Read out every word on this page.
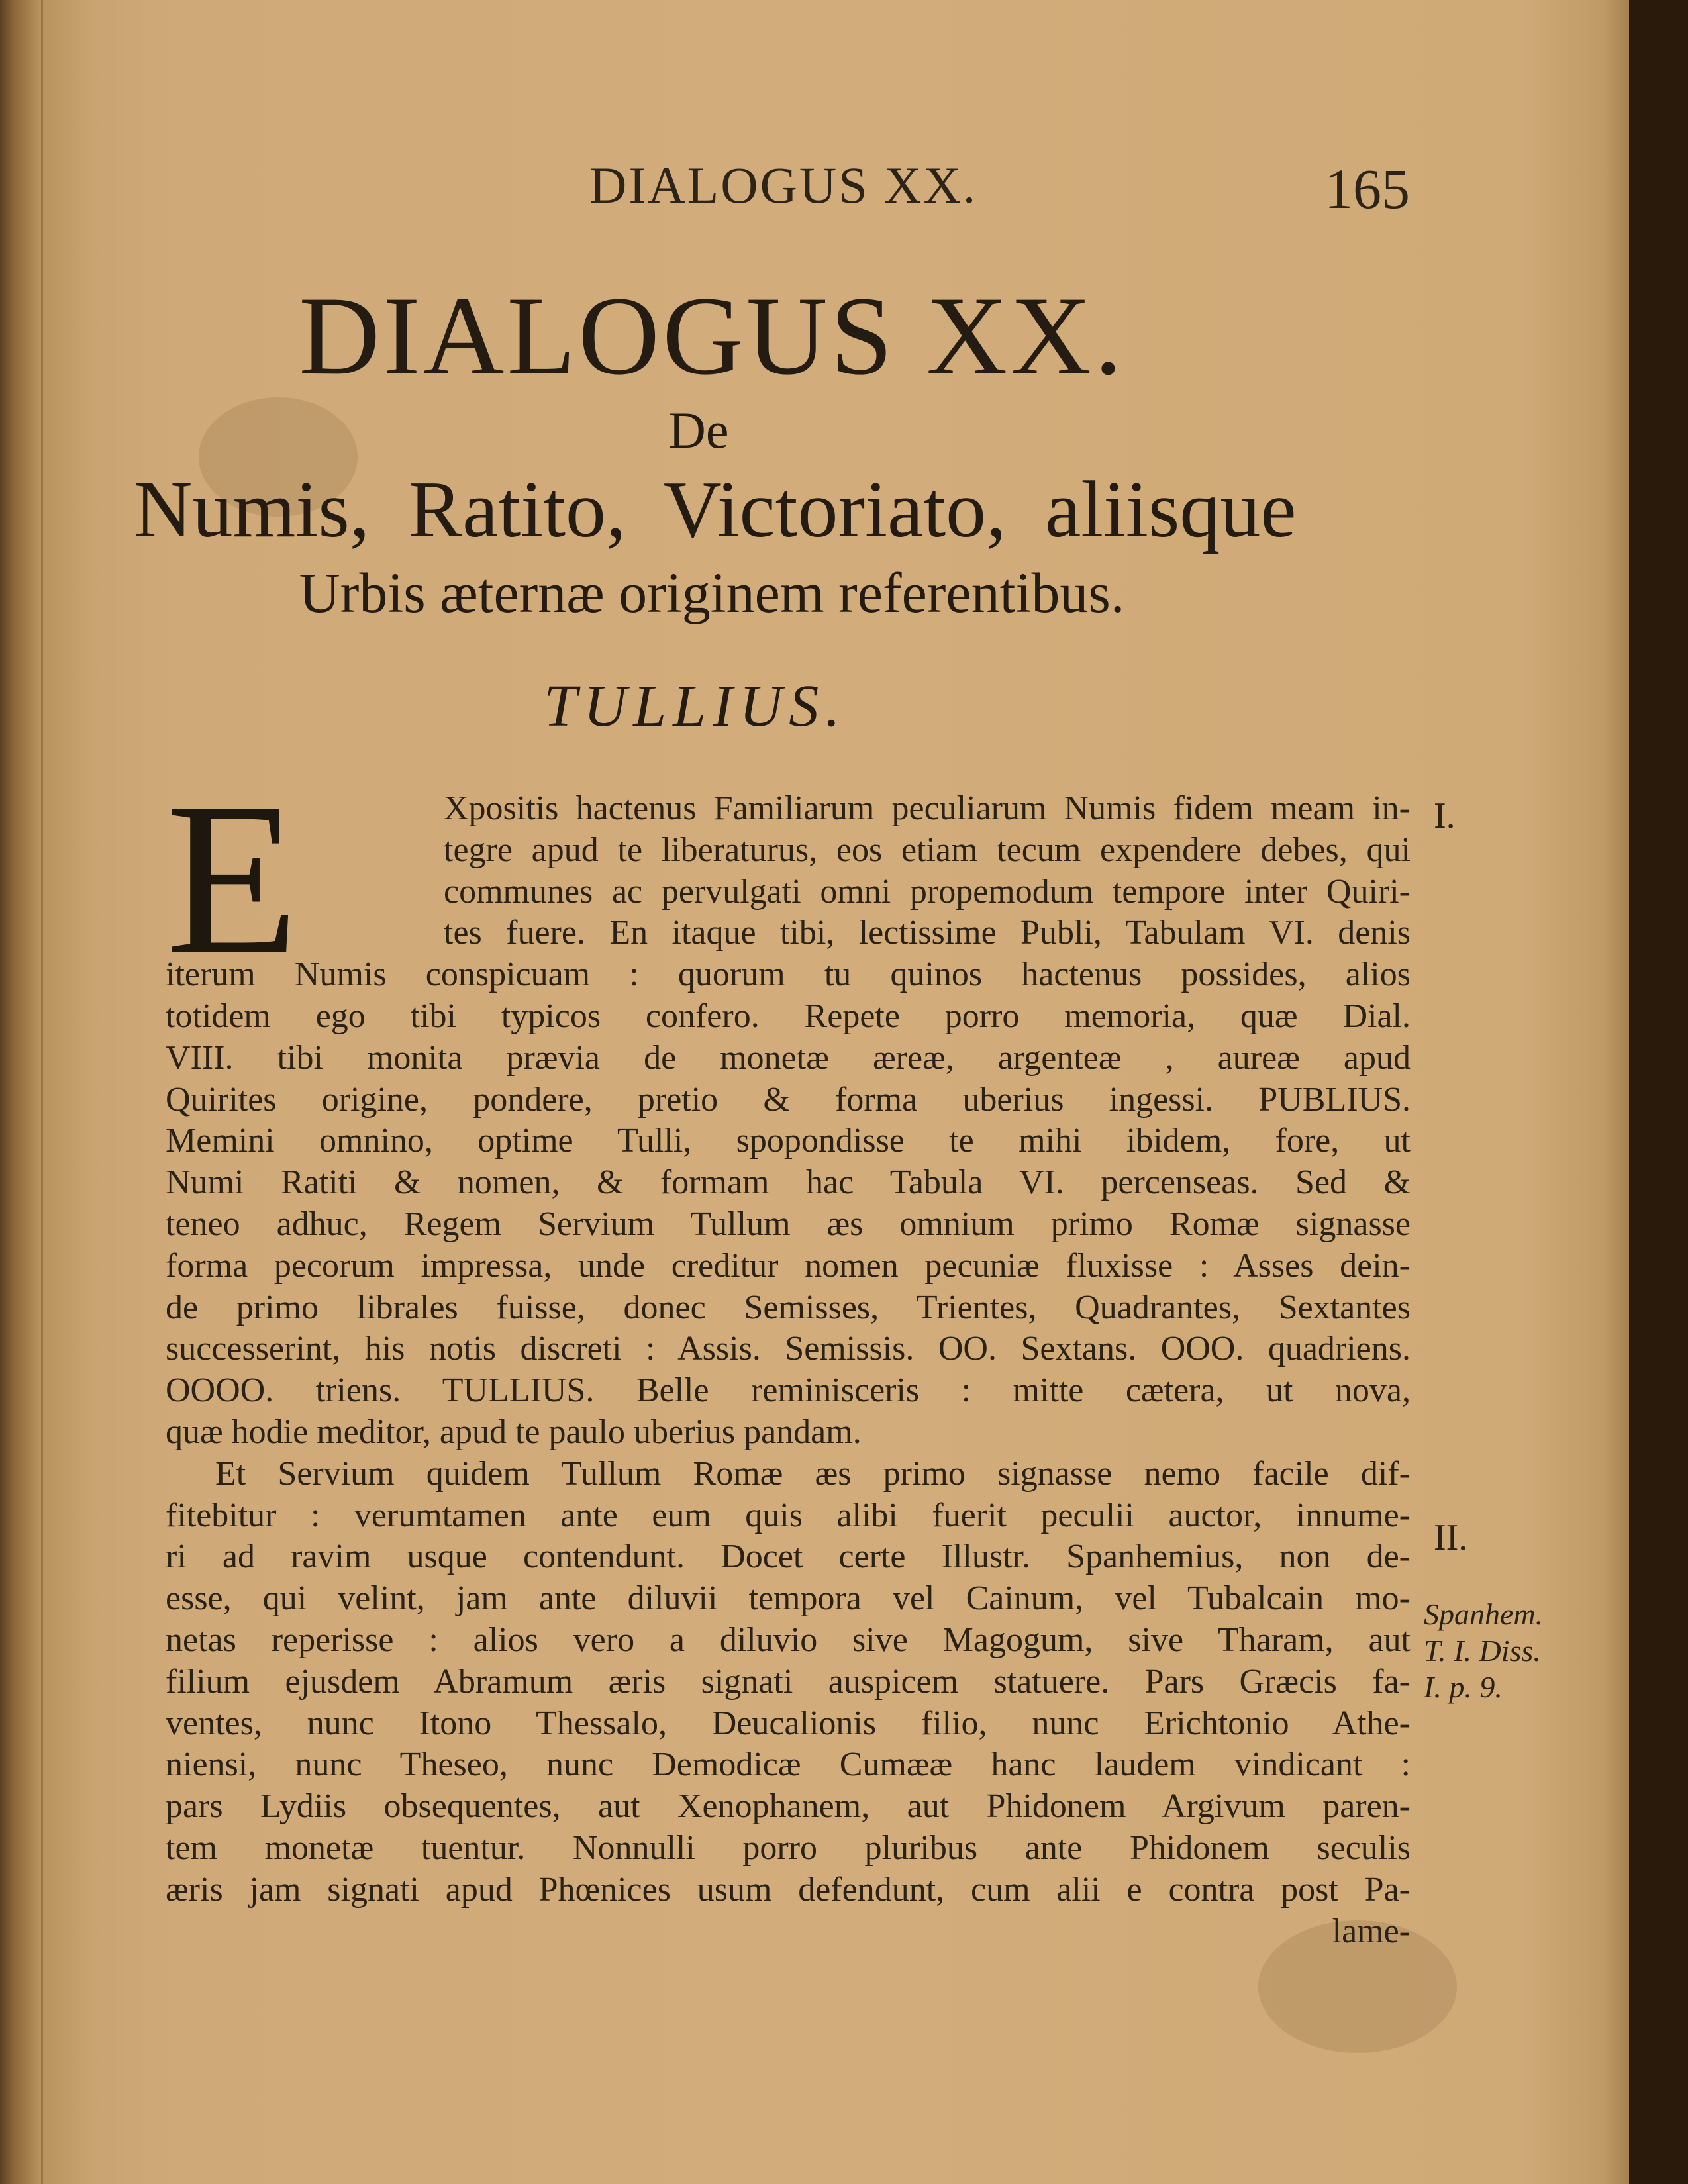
DIALOGUS XX.	165
DIALOGUS XX.
De
Numis, Ratito, Victoriato, aliisque
Urbis æternæ originem referentibus.
TULLIUS.
E	Xpositis hactenus Familiarum peculiarum Numis fidem meam in-
tegre apud te liberaturus, eos etiam tecum expendere debes, qui
communes ac pervulgati omni propemodum tempore inter Quiri-
tes fuere. En itaque tibi, lectissime Publi, Tabulam VI. denis
iterum Numis conspicuam : quorum tu quinos hactenus possides, alios
totidem ego tibi typicos confero. Repete porro memoria, quæ Dial.
VIII. tibi monita prævia de monetæ æreæ, argenteæ , aureæ apud
Quirites origine, pondere, pretio & forma uberius ingessi. PUBLIUS.
Memini omnino, optime Tulli, spopondisse te mihi ibidem, fore, ut
Numi Ratiti & nomen, & formam hac Tabula VI. percenseas. Sed &
teneo adhuc, Regem Servium Tullum æs omnium primo Romæ signasse
forma pecorum impressa, unde creditur nomen pecuniæ fluxisse : Asses dein-
de primo librales fuisse, donec Semisses, Trientes, Quadrantes, Sextantes
successerint, his notis discreti : Assis. Semissis. OO. Sextans. OOO. quadriens.
OOOO. triens. TULLIUS. Belle reminisceris : mitte cætera, ut nova,
quæ hodie meditor, apud te paulo uberius pandam.
Et Servium quidem Tullum Romæ æs primo signasse nemo facile dif-
fitebitur : verumtamen ante eum quis alibi fuerit peculii auctor, innume-
ri ad ravim usque contendunt. Docet certe Illustr. Spanhemius, non de-
esse, qui velint, jam ante diluvii tempora vel Cainum, vel Tubalcain mo-
netas reperisse : alios vero a diluvio sive Magogum, sive Tharam, aut
filium ejusdem Abramum æris signati auspicem statuere. Pars Græcis fa-
ventes, nunc Itono Thessalo, Deucalionis filio, nunc Erichtonio Athe-
niensi, nunc Theseo, nunc Demodicæ Cumææ hanc laudem vindicant :
pars Lydiis obsequentes, aut Xenophanem, aut Phidonem Argivum paren-
tem monetæ tuentur. Nonnulli porro pluribus ante Phidonem seculis
æris jam signati apud Phœnices usum defendunt, cum alii e contra post Pa-
lame-
I.
II.
Spanhem.
T. I. Diss.
I. p. 9.
